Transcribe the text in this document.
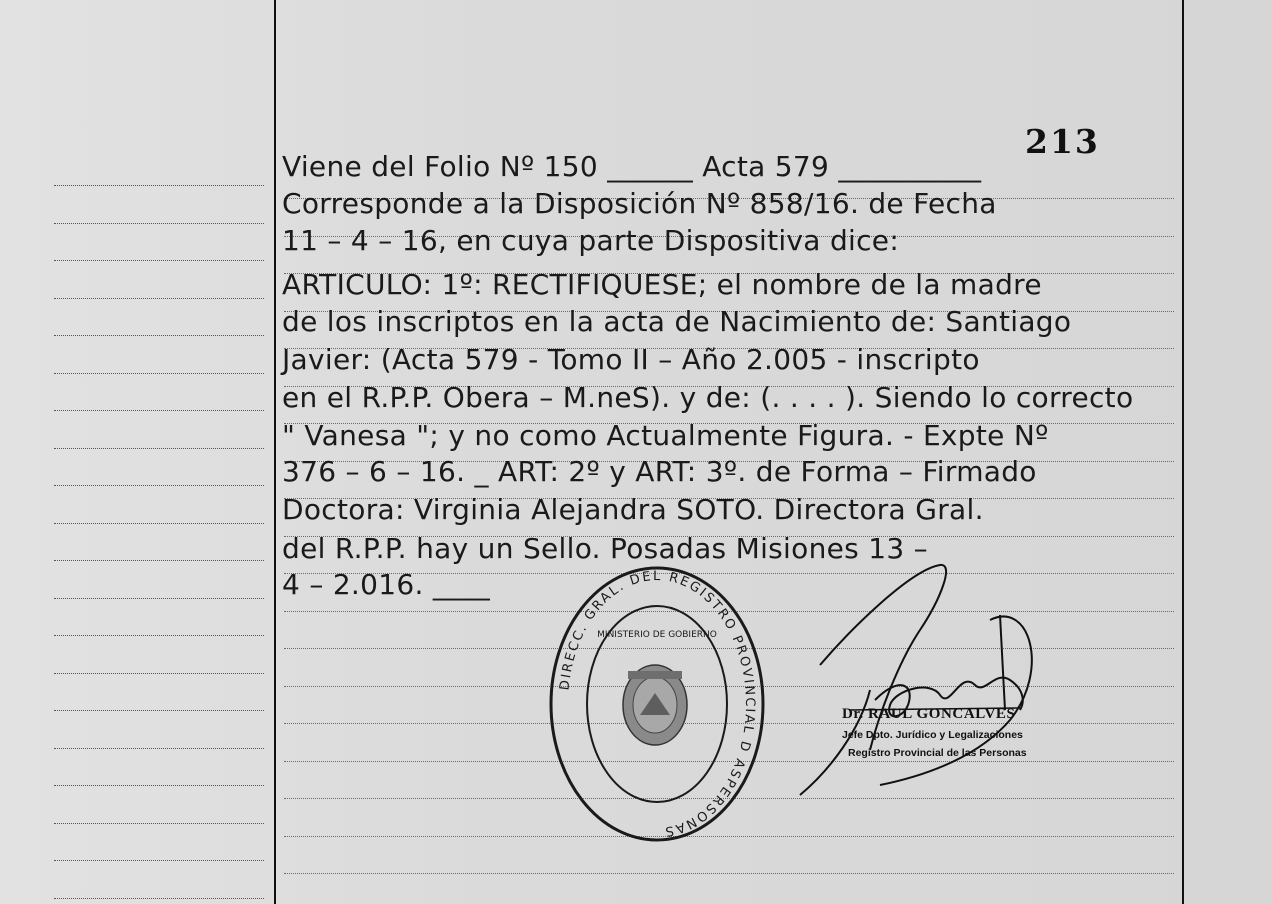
213
Viene del Folio Nº 150 ______ Acta 579 __________
Corresponde a la Disposición Nº 858/16. de Fecha
11 – 4 – 16, en cuya parte Dispositiva dice:
ARTICULO: 1º: RECTIFIQUESE; el nombre de la madre
de los inscriptos en la acta de Nacimiento de: Santiago
Javier: (Acta 579 - Tomo II – Año 2.005 - inscripto
en el R.P.P. Obera – M.neS). y de: (. . . . ). Siendo lo correcto
" Vanesa "; y no como Actualmente Figura. - Expte Nº
376 – 6 – 16. _ ART: 2º y ART: 3º. de Forma – Firmado
Doctora: Virginia Alejandra SOTO. Directora Gral.
del R.P.P. hay un Sello. Posadas Misiones 13 –
4 – 2.016. ____
DIRECC. GRAL. DEL REGISTRO PROVINCIAL D ASPERSONAS
MINISTERIO DE GOBIERNO
Dr. RAUL GONCALVES
Jefe Dpto. Jurídico y Legalizaciones
Registro Provincial de las Personas
